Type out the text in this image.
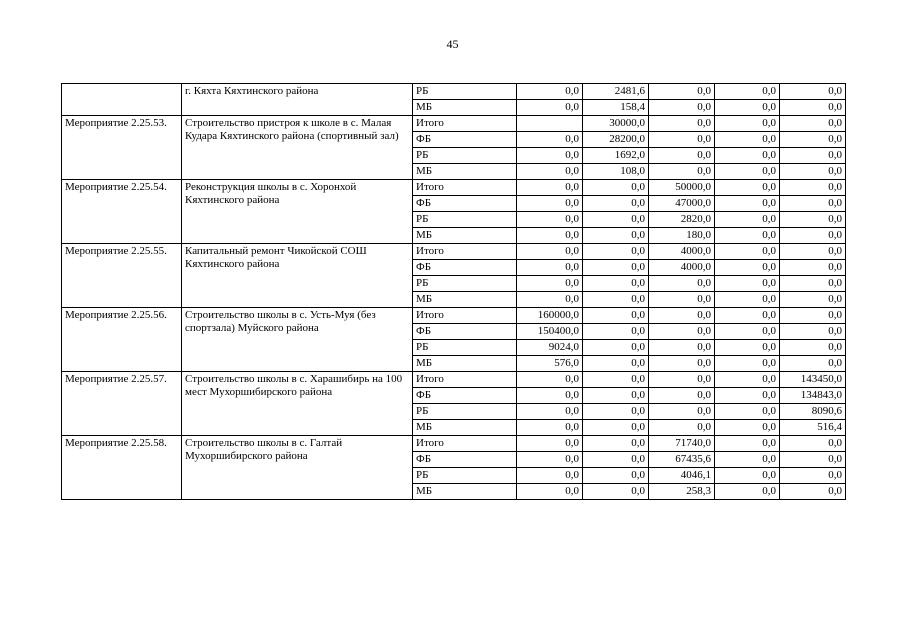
45
	г. Кяхта Кяхтинского района	РБ	0,0	2481,6	0,0	0,0	0,0
		МБ	0,0	158,4	0,0	0,0	0,0
Мероприятие 2.25.53.	Строительство пристроя к школе в с. Малая Кудара Кяхтинского района (спортивный зал)	Итого		30000,0	0,0	0,0	0,0
		ФБ	0,0	28200,0	0,0	0,0	0,0
		РБ	0,0	1692,0	0,0	0,0	0,0
		МБ	0,0	108,0	0,0	0,0	0,0
Мероприятие 2.25.54.	Реконструкция школы в с. Хоронхой Кяхтинского района	Итого	0,0	0,0	50000,0	0,0	0,0
		ФБ	0,0	0,0	47000,0	0,0	0,0
		РБ	0,0	0,0	2820,0	0,0	0,0
		МБ	0,0	0,0	180,0	0,0	0,0
Мероприятие 2.25.55.	Капитальный ремонт Чикойской СОШ Кяхтинского района	Итого	0,0	0,0	4000,0	0,0	0,0
		ФБ	0,0	0,0	4000,0	0,0	0,0
		РБ	0,0	0,0	0,0	0,0	0,0
		МБ	0,0	0,0	0,0	0,0	0,0
Мероприятие 2.25.56.	Строительство школы в с. Усть-Муя (без спортзала) Муйского района	Итого	160000,0	0,0	0,0	0,0	0,0
		ФБ	150400,0	0,0	0,0	0,0	0,0
		РБ	9024,0	0,0	0,0	0,0	0,0
		МБ	576,0	0,0	0,0	0,0	0,0
Мероприятие 2.25.57.	Строительство школы в с. Харашибирь на 100 мест Мухоршибирского района	Итого	0,0	0,0	0,0	0,0	143450,0
		ФБ	0,0	0,0	0,0	0,0	134843,0
		РБ	0,0	0,0	0,0	0,0	8090,6
		МБ	0,0	0,0	0,0	0,0	516,4
Мероприятие 2.25.58.	Строительство школы в с. Галтай Мухоршибирского района	Итого	0,0	0,0	71740,0	0,0	0,0
		ФБ	0,0	0,0	67435,6	0,0	0,0
		РБ	0,0	0,0	4046,1	0,0	0,0
		МБ	0,0	0,0	258,3	0,0	0,0
